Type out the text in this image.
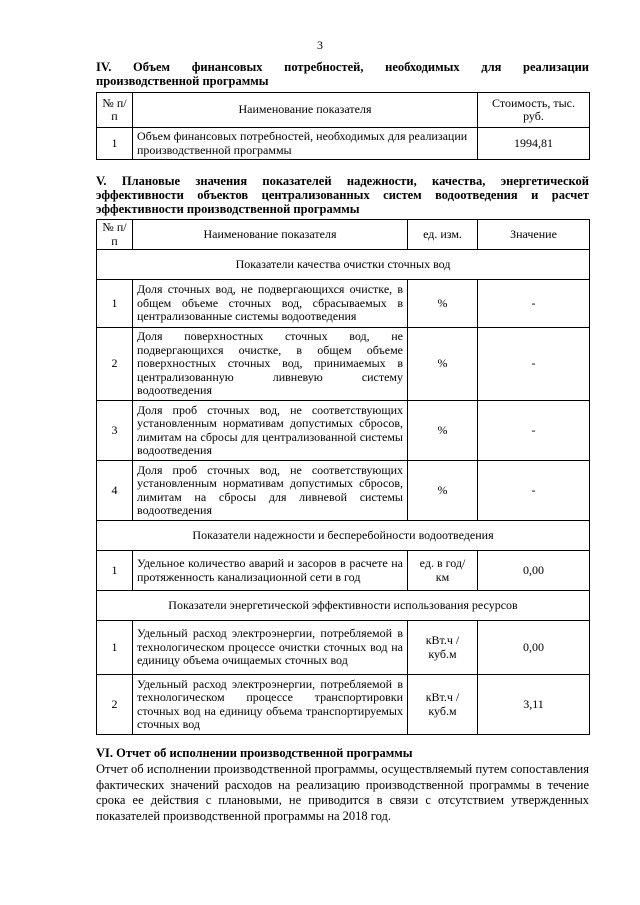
3

IV. Объем финансовых потребностей, необходимых для реализации
производственной программы

№ п/п	Наименование показателя	Стоимость, тыс. руб.
1	Объем финансовых потребностей, необходимых для реализации производственной программы	1994,81

V. Плановые значения показателей надежности, качества, энергетической
эффективности объектов централизованных систем водоотведения и расчет
эффективности производственной программы

№ п/п	Наименование показателя	ед. изм.	Значение
Показатели качества очистки сточных вод			
1	Доля сточных вод, не подвергающихся очистке, в общем объеме сточных вод, сбрасываемых в централизованные системы водоотведения	%	-
2	Доля поверхностных сточных вод, не подвергающихся очистке, в общем объеме поверхностных сточных вод, принимаемых в централизованную ливневую систему водоотведения	%	-
3	Доля проб сточных вод, не соответствующих установленным нормативам допустимых сбросов, лимитам на сбросы для централизованной системы водоотведения	%	-
4	Доля проб сточных вод, не соответствующих установленным нормативам допустимых сбросов, лимитам на сбросы для ливневой системы водоотведения	%	-
Показатели надежности и бесперебойности водоотведения			
1	Удельное количество аварий и засоров в расчете на протяженность канализационной сети в год	ед. в год/ км	0,00
Показатели энергетической эффективности использования ресурсов			
1	Удельный расход электроэнергии, потребляемой в технологическом процессе очистки сточных вод на единицу объема очищаемых сточных вод	кВт.ч / куб.м	0,00
2	Удельный расход электроэнергии, потребляемой в технологическом процессе транспортировки сточных вод на единицу объема транспортируемых сточных вод	кВт.ч / куб.м	3,11

VI. Отчет об исполнении производственной программы

Отчет об исполнении производственной программы, осуществляемый путем сопоставления фактических значений расходов на реализацию производственной программы в течение срока ее действия с плановыми, не приводится в связи с отсутствием утвержденных показателей производственной программы на 2018 год.
